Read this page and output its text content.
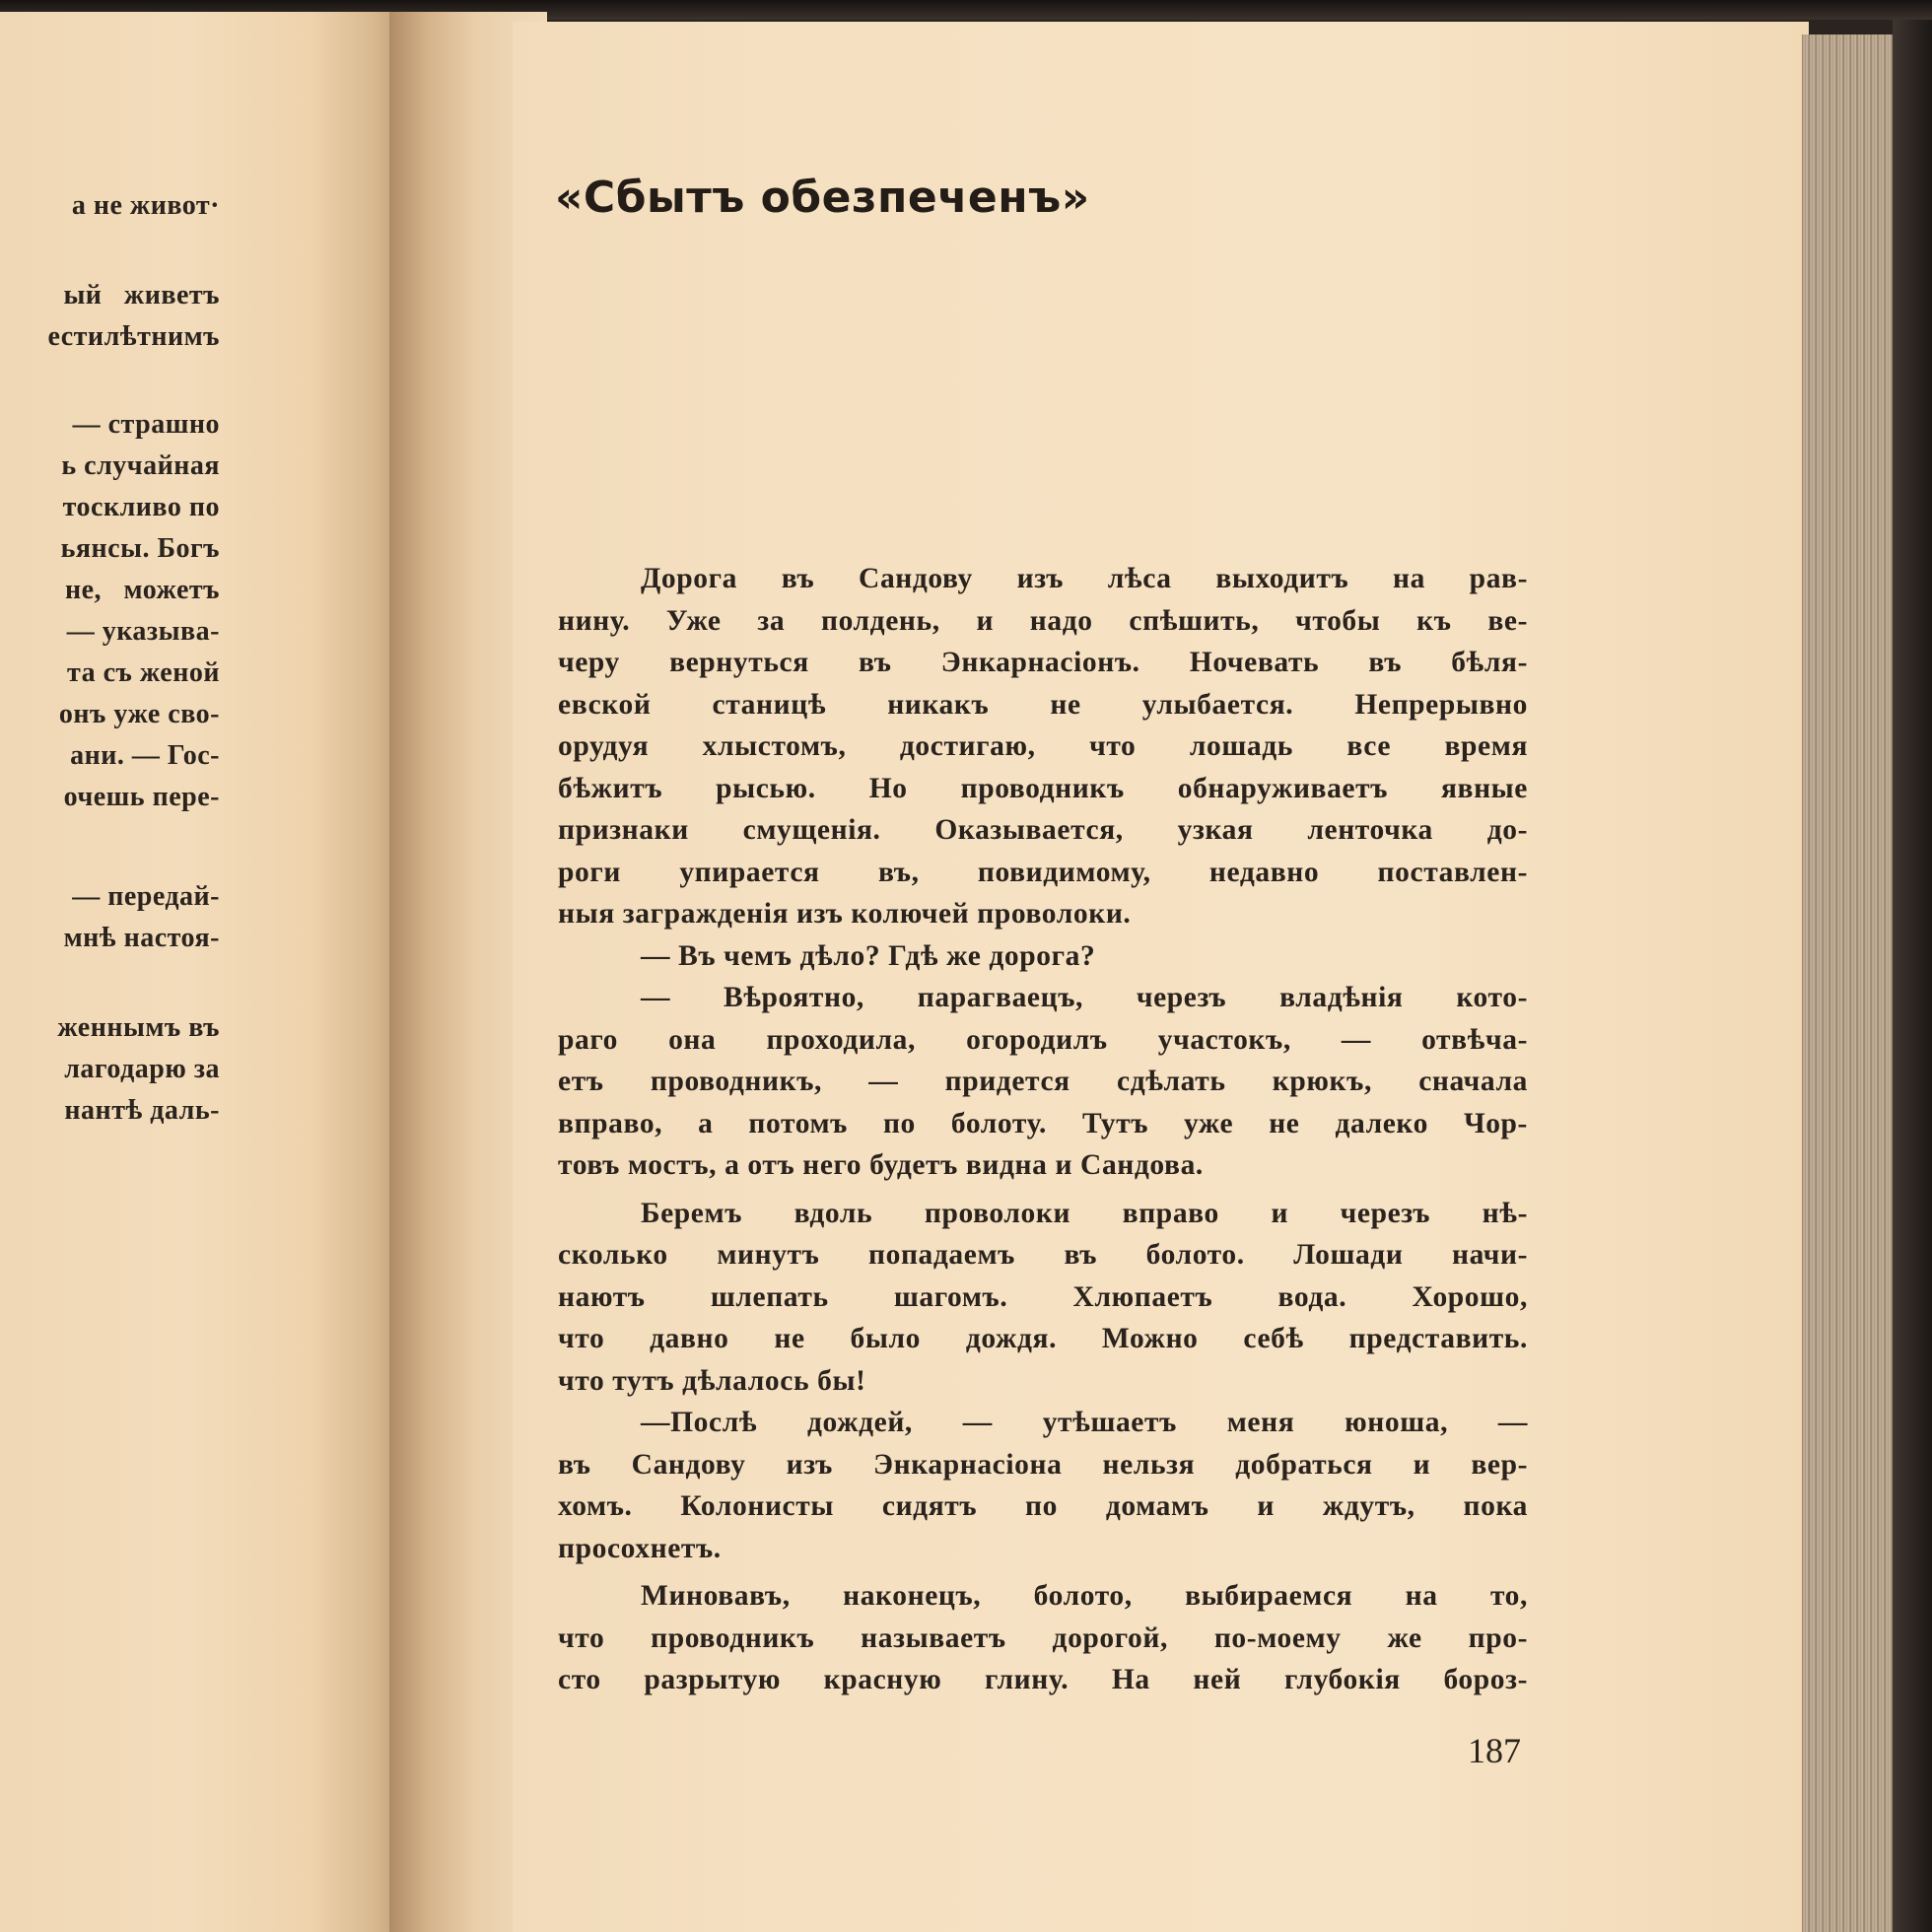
а не живот·
ый   живетъ
естилѣтнимъ
— страшно
ь случайная
тоскливо по
ьянсы. Богъ
не,   можетъ
— указыва-
та съ женой
онъ уже сво-
ани. — Гос-
очешь пере-
— передай-
мнѣ настоя-
женнымъ въ
лагодарю за
нантѣ даль-
«Сбытъ обезпеченъ»
Дорога въ Сандову изъ лѣса выходитъ на рав-
нину. Уже за полдень, и надо спѣшить, чтобы къ ве-
черу вернуться въ Энкарнасіонъ. Ночевать въ бѣля-
евской станицѣ никакъ не улыбается. Непрерывно
орудуя хлыстомъ, достигаю, что лошадь все время
бѣжитъ рысью. Но проводникъ обнаруживаетъ явные
признаки смущенія. Оказывается, узкая ленточка до-
роги упирается въ, повидимому, недавно поставлен-
ныя загражденія изъ колючей проволоки.
— Въ чемъ дѣло? Гдѣ же дорога?
— Вѣроятно, парагваецъ, черезъ владѣнія кото-
раго она проходила, огородилъ участокъ, — отвѣча-
етъ проводникъ, — придется сдѣлать крюкъ, сначала
вправо, а потомъ по болоту. Тутъ уже не далеко Чор-
товъ мостъ, а отъ него будетъ видна и Сандова.
Беремъ вдоль проволоки вправо и черезъ нѣ-
сколько минутъ попадаемъ въ болото. Лошади начи-
наютъ шлепать шагомъ. Хлюпаетъ вода. Хорошо,
что давно не было дождя. Можно себѣ представить.
что тутъ дѣлалось бы!
—Послѣ дождей, — утѣшаетъ меня юноша, —
въ Сандову изъ Энкарнасіона нельзя добраться и вер-
хомъ. Колонисты сидятъ по домамъ и ждутъ, пока
просохнетъ.
Миновавъ, наконецъ, болото, выбираемся на то,
что проводникъ называетъ дорогой, по-моему же про-
сто разрытую красную глину. На ней глубокія бороз-
187
